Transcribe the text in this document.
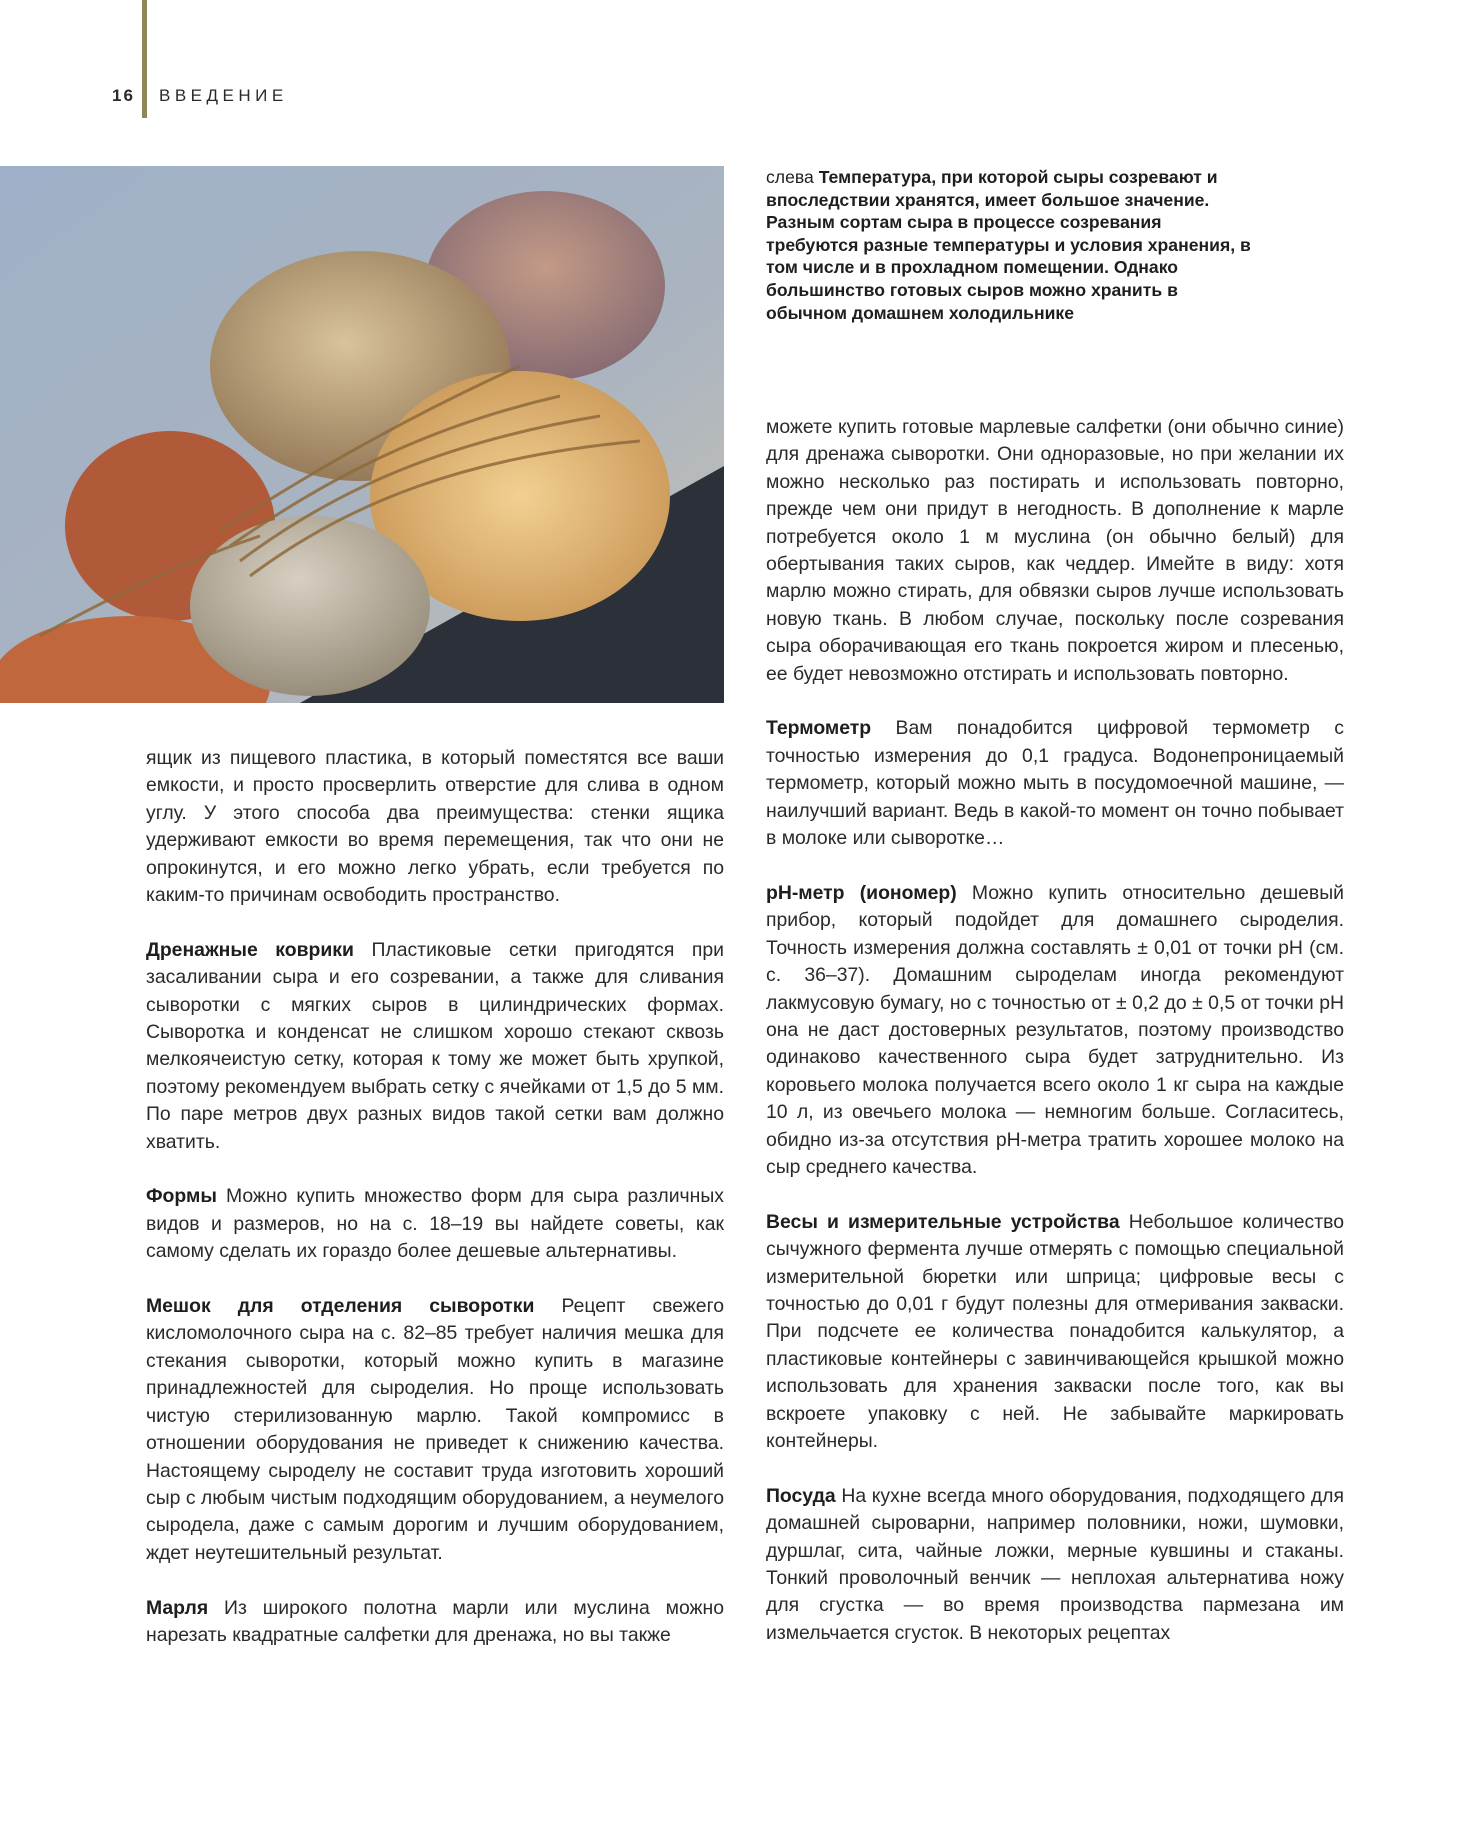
16 ВВЕДЕНИЕ
слева Температура, при которой сыры созревают и впоследствии хранятся, имеет большое значение. Разным сортам сыра в процессе созревания требуются разные температуры и условия хранения, в том числе и в прохладном помещении. Однако большинство готовых сыров можно хранить в обычном домашнем холодильнике

ящик из пищевого пластика, в который поместятся все ваши емкости, и просто просверлить отверстие для слива в одном углу. У этого способа два преимущества: стенки ящика удерживают емкости во время перемещения, так что они не опрокинутся, и его можно легко убрать, если требуется по каким-то причинам освободить пространство.

Дренажные коврики Пластиковые сетки пригодятся при засаливании сыра и его созревании, а также для сливания сыворотки с мягких сыров в цилиндрических формах. Сыворотка и конденсат не слишком хорошо стекают сквозь мелкоячеистую сетку, которая к тому же может быть хрупкой, поэтому рекомендуем выбрать сетку с ячейками от 1,5 до 5 мм. По паре метров двух разных видов такой сетки вам должно хватить.

Формы Можно купить множество форм для сыра различных видов и размеров, но на с. 18–19 вы найдете советы, как самому сделать их гораздо более дешевые альтернативы.

Мешок для отделения сыворотки Рецепт свежего кисломолочного сыра на с. 82–85 требует наличия мешка для стекания сыворотки, который можно купить в магазине принадлежностей для сыроделия. Но проще использовать чистую стерилизованную марлю. Такой компромисс в отношении оборудования не приведет к снижению качества. Настоящему сыроделу не составит труда изготовить хороший сыр с любым чистым подходящим оборудованием, а неумелого сыродела, даже с самым дорогим и лучшим оборудованием, ждет неутешительный результат.

Марля Из широкого полотна марли или муслина можно нарезать квадратные салфетки для дренажа, но вы также

можете купить готовые марлевые салфетки (они обычно синие) для дренажа сыворотки. Они одноразовые, но при желании их можно несколько раз постирать и использовать повторно, прежде чем они придут в негодность. В дополнение к марле потребуется около 1 м муслина (он обычно белый) для обертывания таких сыров, как чеддер. Имейте в виду: хотя марлю можно стирать, для обвязки сыров лучше использовать новую ткань. В любом случае, поскольку после созревания сыра оборачивающая его ткань покроется жиром и плесенью, ее будет невозможно отстирать и использовать повторно.

Термометр Вам понадобится цифровой термометр с точностью измерения до 0,1 градуса. Водонепроницаемый термометр, который можно мыть в посудомоечной машине, — наилучший вариант. Ведь в какой-то момент он точно побывает в молоке или сыворотке…

pH-метр (иономер) Можно купить относительно дешевый прибор, который подойдет для домашнего сыроделия. Точность измерения должна составлять ± 0,01 от точки pH (см. с. 36–37). Домашним сыроделам иногда рекомендуют лакмусовую бумагу, но с точностью от ± 0,2 до ± 0,5 от точки pH она не даст достоверных результатов, поэтому производство одинаково качественного сыра будет затруднительно. Из коровьего молока получается всего около 1 кг сыра на каждые 10 л, из овечьего молока — немногим больше. Согласитесь, обидно из-за отсутствия pH-метра тратить хорошее молоко на сыр среднего качества.

Весы и измерительные устройства Небольшое количество сычужного фермента лучше отмерять с помощью специальной измерительной бюретки или шприца; цифровые весы с точностью до 0,01 г будут полезны для отмеривания закваски. При подсчете ее количества понадобится калькулятор, а пластиковые контейнеры с завинчивающейся крышкой можно использовать для хранения закваски после того, как вы вскроете упаковку с ней. Не забывайте маркировать контейнеры.

Посуда На кухне всегда много оборудования, подходящего для домашней сыроварни, например половники, ножи, шумовки, дуршлаг, сита, чайные ложки, мерные кувшины и стаканы. Тонкий проволочный венчик — неплохая альтернатива ножу для сгустка — во время производства пармезана им измельчается сгусток. В некоторых рецептах
